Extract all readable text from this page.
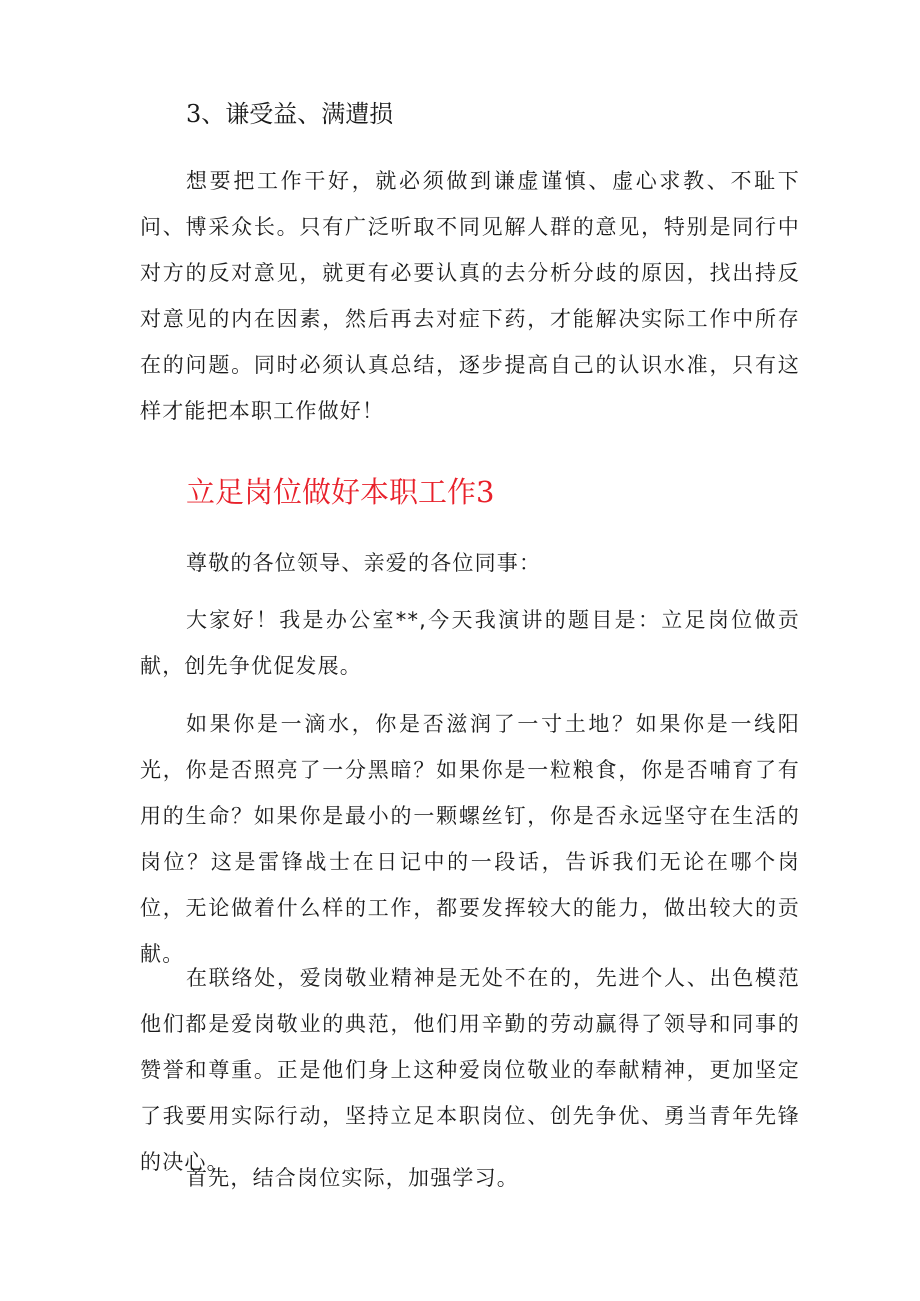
3、谦受益、满遭损

想要把工作干好，就必须做到谦虚谨慎、虚心求教、不耻下问、博采众长。只有广泛听取不同见解人群的意见，特别是同行中对方的反对意见，就更有必要认真的去分析分歧的原因，找出持反对意见的内在因素，然后再去对症下药，才能解决实际工作中所存在的问题。同时必须认真总结，逐步提高自己的认识水准，只有这样才能把本职工作做好！

立足岗位做好本职工作3

尊敬的各位领导、亲爱的各位同事：

大家好！我是办公室**,今天我演讲的题目是：立足岗位做贡献，创先争优促发展。

如果你是一滴水，你是否滋润了一寸土地？如果你是一线阳光，你是否照亮了一分黑暗？如果你是一粒粮食，你是否哺育了有用的生命？如果你是最小的一颗螺丝钉，你是否永远坚守在生活的岗位？这是雷锋战士在日记中的一段话，告诉我们无论在哪个岗位，无论做着什么样的工作，都要发挥较大的能力，做出较大的贡献。

在联络处，爱岗敬业精神是无处不在的，先进个人、出色模范他们都是爱岗敬业的典范，他们用辛勤的劳动赢得了领导和同事的赞誉和尊重。正是他们身上这种爱岗位敬业的奉献精神，更加坚定了我要用实际行动，坚持立足本职岗位、创先争优、勇当青年先锋的决心。

首先，结合岗位实际，加强学习。
